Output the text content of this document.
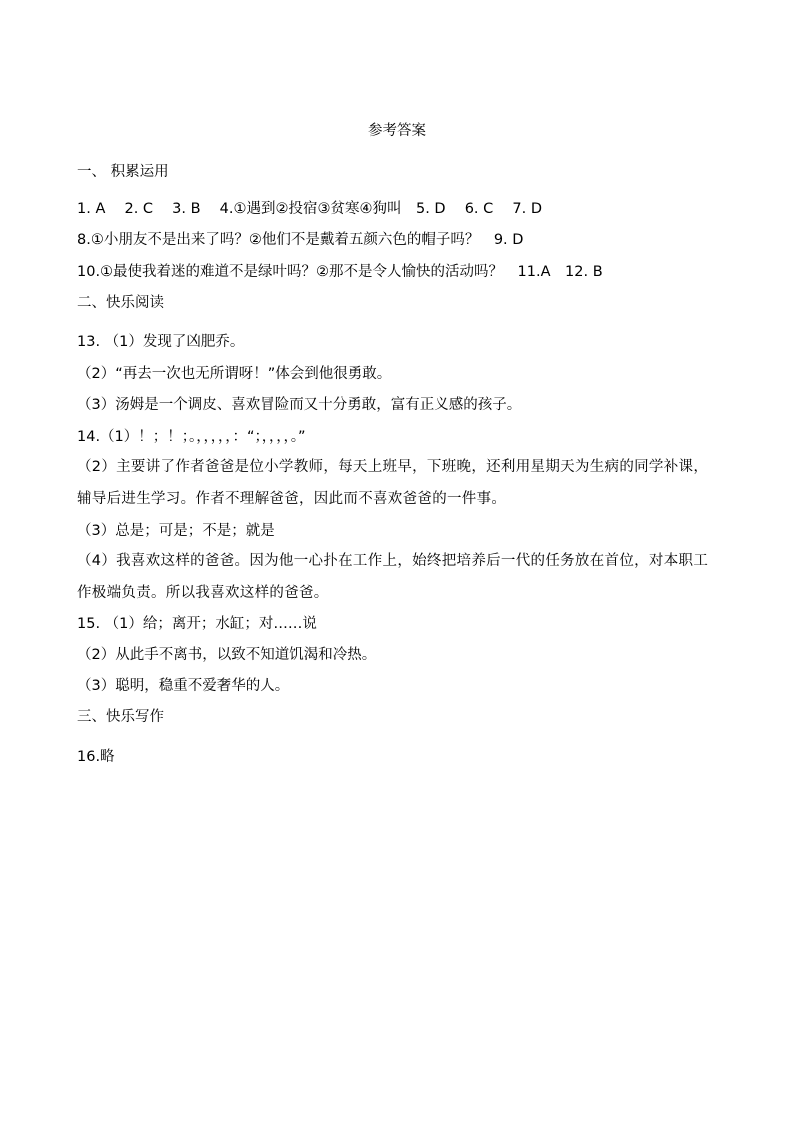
参考答案
一、 积累运用
1. A　 2. C　 3. B　 4.①遇到②投宿③贫寒④狗叫　5. D　 6. C　 7. D
8.①小朋友不是出来了吗？②他们不是戴着五颜六色的帽子吗？　9. D
10.①最使我着迷的难道不是绿叶吗？②那不是令人愉快的活动吗？　11.A　12. B
二、快乐阅读
13. （1）发现了凶肥乔。
（2）“再去一次也无所谓呀！”体会到他很勇敢。
（3）汤姆是一个调皮、喜欢冒险而又十分勇敢，富有正义感的孩子。
14.（1）！；！；。，，，，，：“；，，，，。”
（2）主要讲了作者爸爸是位小学教师，每天上班早，下班晚，还利用星期天为生病的同学补课，辅导后进生学习。作者不理解爸爸，因此而不喜欢爸爸的一件事。
（3）总是；可是；不是；就是
（4）我喜欢这样的爸爸。因为他一心扑在工作上，始终把培养后一代的任务放在首位，对本职工作极端负责。所以我喜欢这样的爸爸。
15. （1）给；离开；水缸；对……说
（2）从此手不离书，以致不知道饥渴和冷热。
（3）聪明，稳重不爱奢华的人。
三、快乐写作
16.略
